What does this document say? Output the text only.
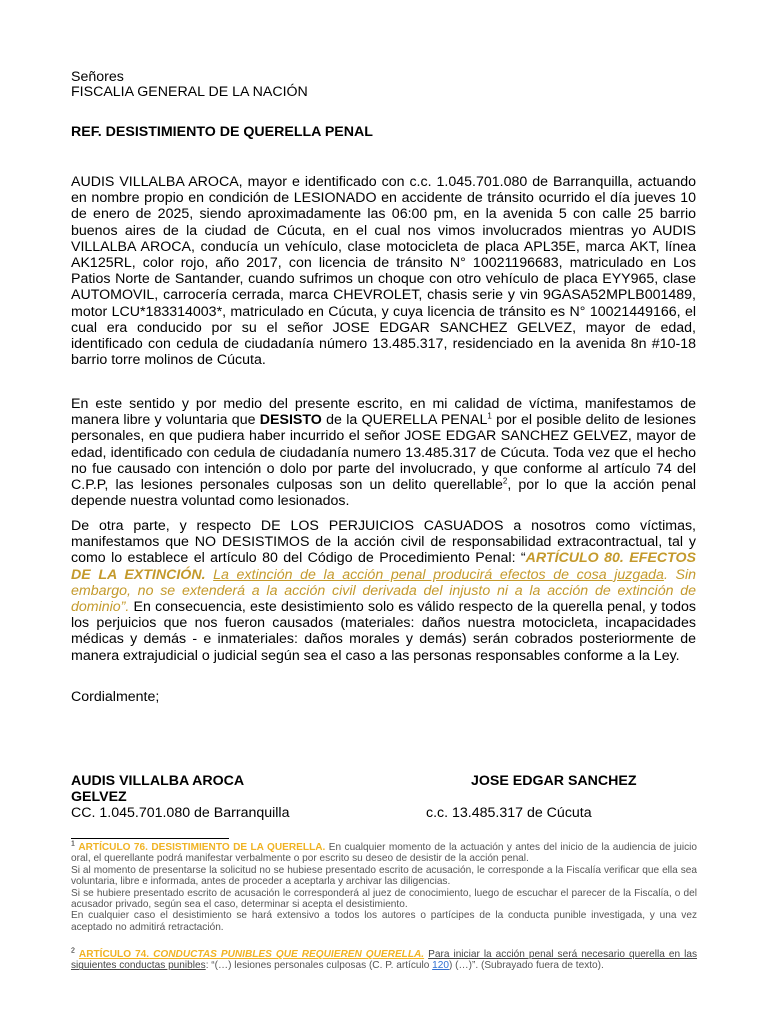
Señores
FISCALIA GENERAL DE LA NACIÓN
REF. DESISTIMIENTO DE QUERELLA PENAL
AUDIS VILLALBA AROCA, mayor e identificado con c.c. 1.045.701.080 de Barranquilla, actuando en nombre propio en condición de LESIONADO en accidente de tránsito ocurrido el día jueves 10 de enero de 2025, siendo aproximadamente las 06:00 pm, en la avenida 5 con calle 25 barrio buenos aires de la ciudad de Cúcuta, en el cual nos vimos involucrados mientras yo AUDIS VILLALBA AROCA, conducía un vehículo, clase motocicleta de placa APL35E, marca AKT, línea AK125RL, color rojo, año 2017, con licencia de tránsito N° 10021196683, matriculado en Los Patios Norte de Santander, cuando sufrimos un choque con otro vehículo de placa EYY965, clase AUTOMOVIL, carrocería cerrada, marca CHEVROLET, chasis serie y vin 9GASA52MPLB001489, motor LCU*183314003*, matriculado en Cúcuta, y cuya licencia de tránsito es N° 10021449166, el cual era conducido por su el señor JOSE EDGAR SANCHEZ GELVEZ, mayor de edad, identificado con cedula de ciudadanía número 13.485.317, residenciado en la avenida 8n #10-18 barrio torre molinos de Cúcuta.
En este sentido y por medio del presente escrito, en mi calidad de víctima, manifestamos de manera libre y voluntaria que DESISTO de la QUERELLA PENAL$^1$ por el posible delito de lesiones personales, en que pudiera haber incurrido el señor JOSE EDGAR SANCHEZ GELVEZ, mayor de edad, identificado con cedula de ciudadanía numero 13.485.317 de Cúcuta. Toda vez que el hecho no fue causado con intención o dolo por parte del involucrado, y que conforme al artículo 74 del C.P.P, las lesiones personales culposas son un delito querellable$^2$, por lo que la acción penal depende nuestra voluntad como lesionados.
De otra parte, y respecto DE LOS PERJUICIOS CASUADOS a nosotros como víctimas, manifestamos que NO DESISTIMOS de la acción civil de responsabilidad extracontractual, tal y como lo establece el artículo 80 del Código de Procedimiento Penal: “ARTÍCULO 80. EFECTOS DE LA EXTINCIÓN. La extinción de la acción penal producirá efectos de cosa juzgada. Sin embargo, no se extenderá a la acción civil derivada del injusto ni a la acción de extinción de dominio”. En consecuencia, este desistimiento solo es válido respecto de la querella penal, y todos los perjuicios que nos fueron causados (materiales: daños nuestra motocicleta, incapacidades médicas y demás - e inmateriales: daños morales y demás) serán cobrados posteriormente de manera extrajudicial o judicial según sea el caso a las personas responsables conforme a la Ley.
Cordialmente;
AUDIS VILLALBA AROCA	JOSE EDGAR SANCHEZ
GELVEZ
CC. 1.045.701.080 de Barranquilla	c.c. 13.485.317 de Cúcuta
$^1$ ARTÍCULO 76. DESISTIMIENTO DE LA QUERELLA. En cualquier momento de la actuación y antes del inicio de la audiencia de juicio oral, el querellante podrá manifestar verbalmente o por escrito su deseo de desistir de la acción penal.
Si al momento de presentarse la solicitud no se hubiese presentado escrito de acusación, le corresponde a la Fiscalía verificar que ella sea voluntaria, libre e informada, antes de proceder a aceptarla y archivar las diligencias.
Si se hubiere presentado escrito de acusación le corresponderá al juez de conocimiento, luego de escuchar el parecer de la Fiscalía, o del acusador privado, según sea el caso, determinar si acepta el desistimiento.
En cualquier caso el desistimiento se hará extensivo a todos los autores o partícipes de la conducta punible investigada, y una vez aceptado no admitirá retractación.
$^2$ ARTÍCULO 74. CONDUCTAS PUNIBLES QUE REQUIEREN QUERELLA. Para iniciar la acción penal será necesario querella en las siguientes conductas punibles: “(…) lesiones personales culposas (C. P. artículo 120) (…)”. (Subrayado fuera de texto).
